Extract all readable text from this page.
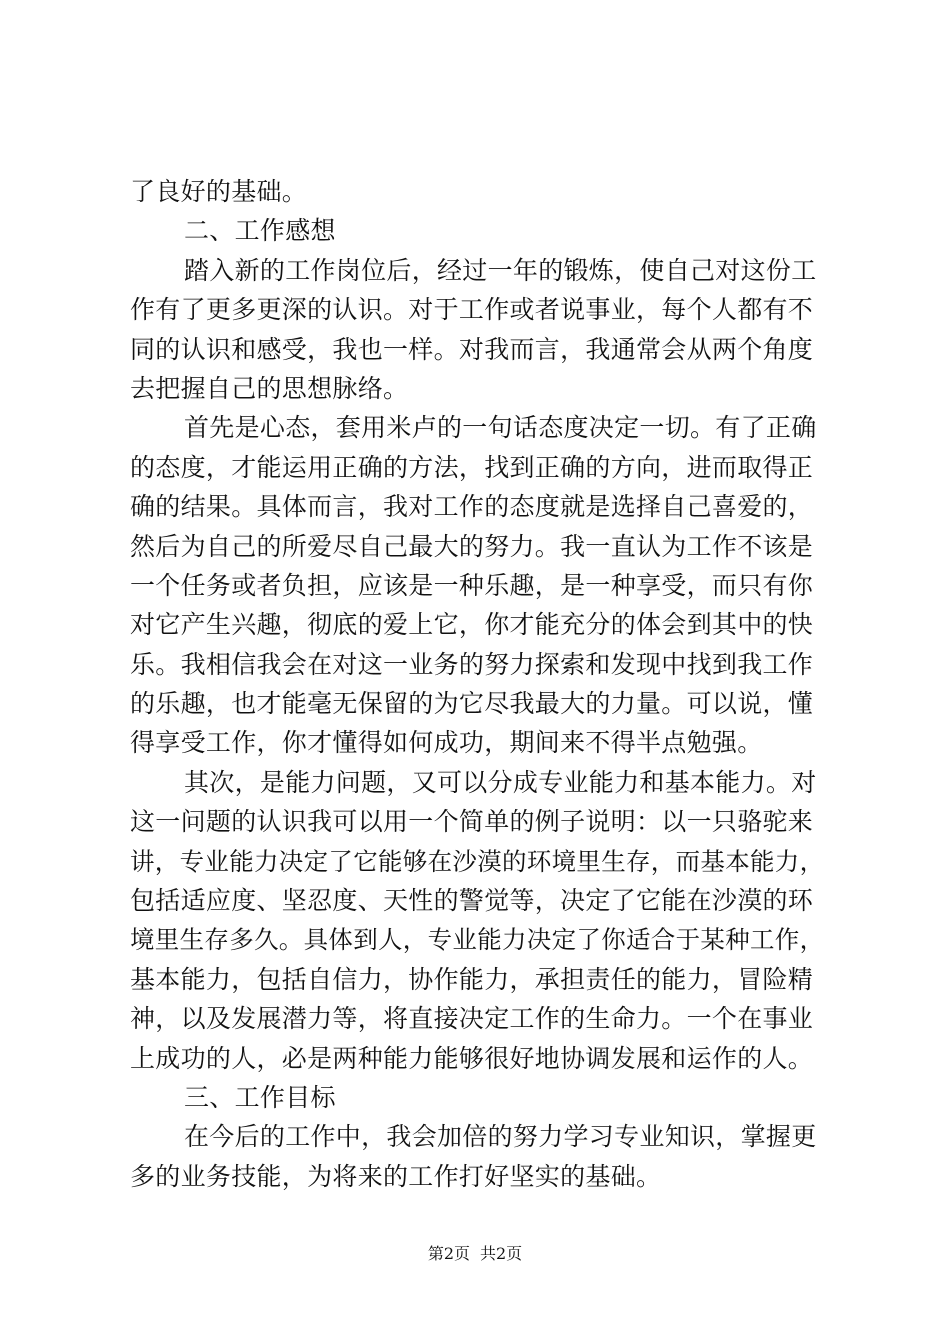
了良好的基础。
二、工作感想
踏入新的工作岗位后，经过一年的锻炼，使自己对这份工
作有了更多更深的认识。对于工作或者说事业，每个人都有不
同的认识和感受，我也一样。对我而言，我通常会从两个角度
去把握自己的思想脉络。
首先是心态，套用米卢的一句话态度决定一切。有了正确
的态度，才能运用正确的方法，找到正确的方向，进而取得正
确的结果。具体而言，我对工作的态度就是选择自己喜爱的，
然后为自己的所爱尽自己最大的努力。我一直认为工作不该是
一个任务或者负担，应该是一种乐趣，是一种享受，而只有你
对它产生兴趣，彻底的爱上它，你才能充分的体会到其中的快
乐。我相信我会在对这一业务的努力探索和发现中找到我工作
的乐趣，也才能毫无保留的为它尽我最大的力量。可以说，懂
得享受工作，你才懂得如何成功，期间来不得半点勉强。
其次，是能力问题，又可以分成专业能力和基本能力。对
这一问题的认识我可以用一个简单的例子说明：以一只骆驼来
讲，专业能力决定了它能够在沙漠的环境里生存，而基本能力，
包括适应度、坚忍度、天性的警觉等，决定了它能在沙漠的环
境里生存多久。具体到人，专业能力决定了你适合于某种工作，
基本能力，包括自信力，协作能力，承担责任的能力，冒险精
神，以及发展潜力等，将直接决定工作的生命力。一个在事业
上成功的人，必是两种能力能够很好地协调发展和运作的人。
三、工作目标
在今后的工作中，我会加倍的努力学习专业知识，掌握更
多的业务技能，为将来的工作打好坚实的基础。
第2页 共2页
